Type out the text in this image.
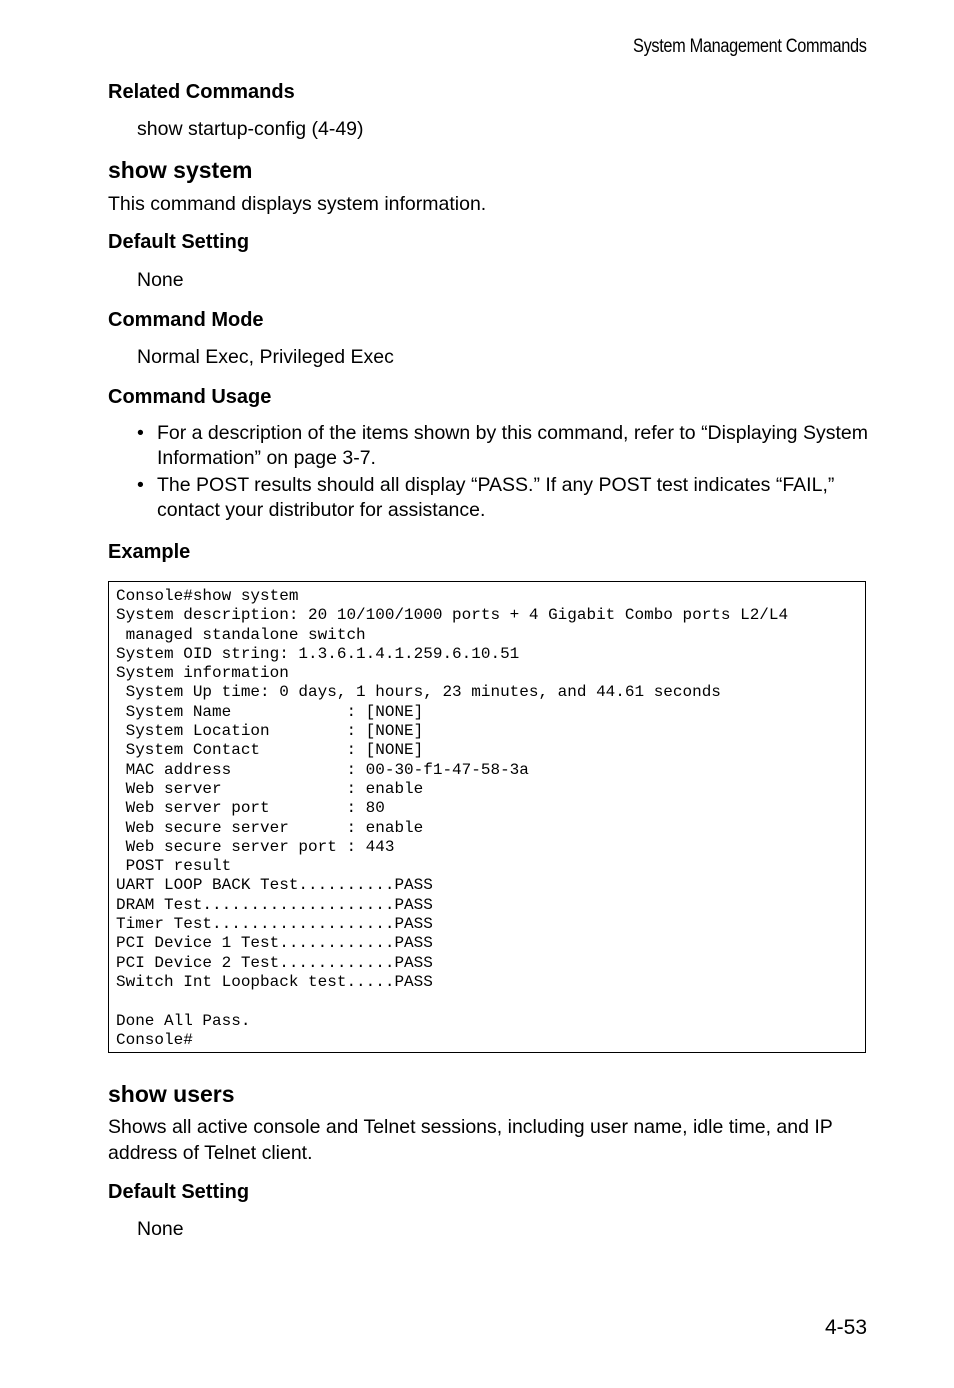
System Management Commands
Related Commands
show startup-config (4-49)
show system
This command displays system information.
Default Setting
None
Command Mode
Normal Exec, Privileged Exec
Command Usage
• For a description of the items shown by this command, refer to “Displaying System Information” on page 3-7.
• The POST results should all display “PASS.” If any POST test indicates “FAIL,” contact your distributor for assistance.
Example
Console#show system
System description: 20 10/100/1000 ports + 4 Gigabit Combo ports L2/L4
managed standalone switch
System OID string: 1.3.6.1.4.1.259.6.10.51
System information
System Up time: 0 days, 1 hours, 23 minutes, and 44.61 seconds
System Name            : [NONE]
System Location        : [NONE]
System Contact         : [NONE]
MAC address            : 00-30-f1-47-58-3a
Web server             : enable
Web server port        : 80
Web secure server      : enable
Web secure server port : 443
POST result
UART LOOP BACK Test..........PASS
DRAM Test....................PASS
Timer Test...................PASS
PCI Device 1 Test............PASS
PCI Device 2 Test............PASS
Switch Int Loopback test.....PASS

Done All Pass.
Console#
show users
Shows all active console and Telnet sessions, including user name, idle time, and IP address of Telnet client.
Default Setting
None
4-53
